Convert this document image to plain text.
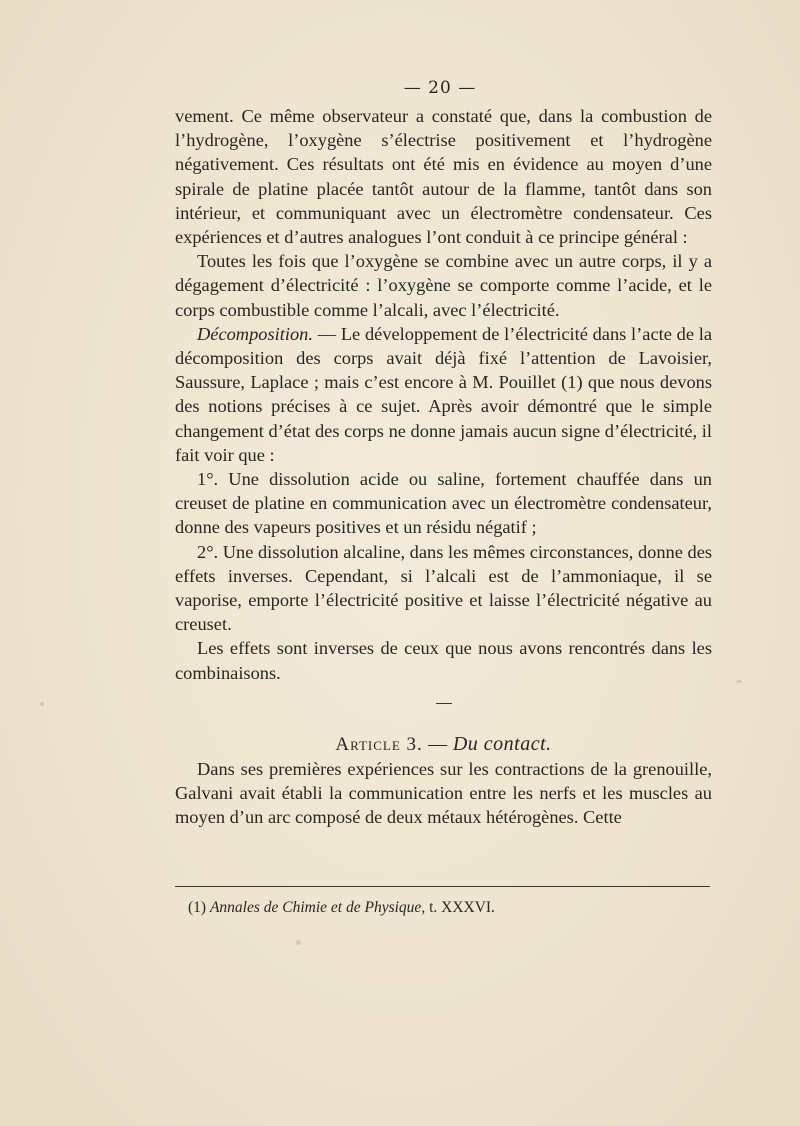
— 20 —

vement. Ce même observateur a constaté que, dans la combustion de l’hydrogène, l’oxygène s’électrise positivement et l’hydrogène négativement. Ces résultats ont été mis en évidence au moyen d’une spirale de platine placée tantôt autour de la flamme, tantôt dans son intérieur, et communiquant avec un électromètre condensateur. Ces expériences et d’autres analogues l’ont conduit à ce principe général :

Toutes les fois que l’oxygène se combine avec un autre corps, il y a dégagement d’électricité : l’oxygène se comporte comme l’acide, et le corps combustible comme l’alcali, avec l’électricité.

Décomposition. — Le développement de l’électricité dans l’acte de la décomposition des corps avait déjà fixé l’attention de Lavoisier, Saussure, Laplace ; mais c’est encore à M. Pouillet (1) que nous devons des notions précises à ce sujet. Après avoir démontré que le simple changement d’état des corps ne donne jamais aucun signe d’électricité, il fait voir que :

1°. Une dissolution acide ou saline, fortement chauffée dans un creuset de platine en communication avec un électromètre condensateur, donne des vapeurs positives et un résidu négatif ;

2°. Une dissolution alcaline, dans les mêmes circonstances, donne des effets inverses. Cependant, si l’alcali est de l’ammoniaque, il se vaporise, emporte l’électricité positive et laisse l’électricité négative au creuset.

Les effets sont inverses de ceux que nous avons rencontrés dans les combinaisons.

Article 3. — Du contact.

Dans ses premières expériences sur les contractions de la grenouille, Galvani avait établi la communication entre les nerfs et les muscles au moyen d’un arc composé de deux métaux hétérogènes. Cette

(1) Annales de Chimie et de Physique, t. XXXVI.
